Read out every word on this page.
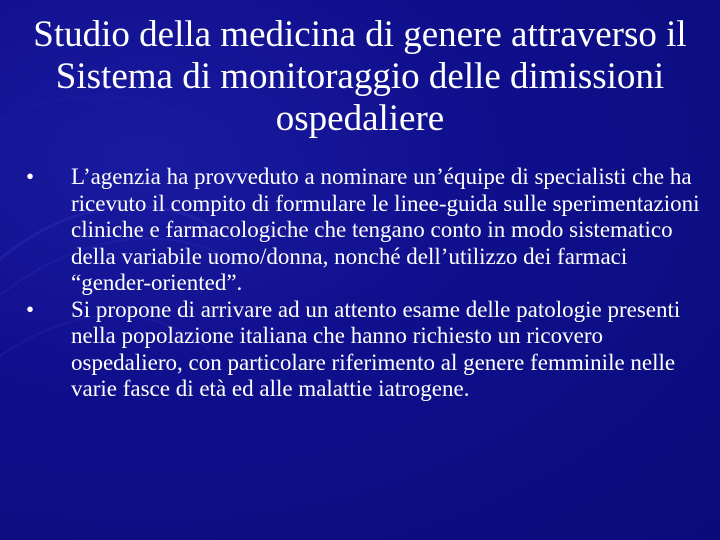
Studio della medicina di genere attraverso il
Sistema di monitoraggio delle dimissioni
ospedaliere
• L’agenzia ha provveduto a nominare un’équipe di specialisti che ha ricevuto il compito di formulare le linee-guida sulle sperimentazioni cliniche e farmacologiche che tengano conto in modo sistematico della variabile uomo/donna, nonché dell’utilizzo dei farmaci “gender-oriented”.
• Si propone di arrivare ad un attento esame delle patologie presenti nella popolazione italiana che hanno richiesto un ricovero ospedaliero, con particolare riferimento al genere femminile nelle varie fasce di età ed alle malattie iatrogene.
